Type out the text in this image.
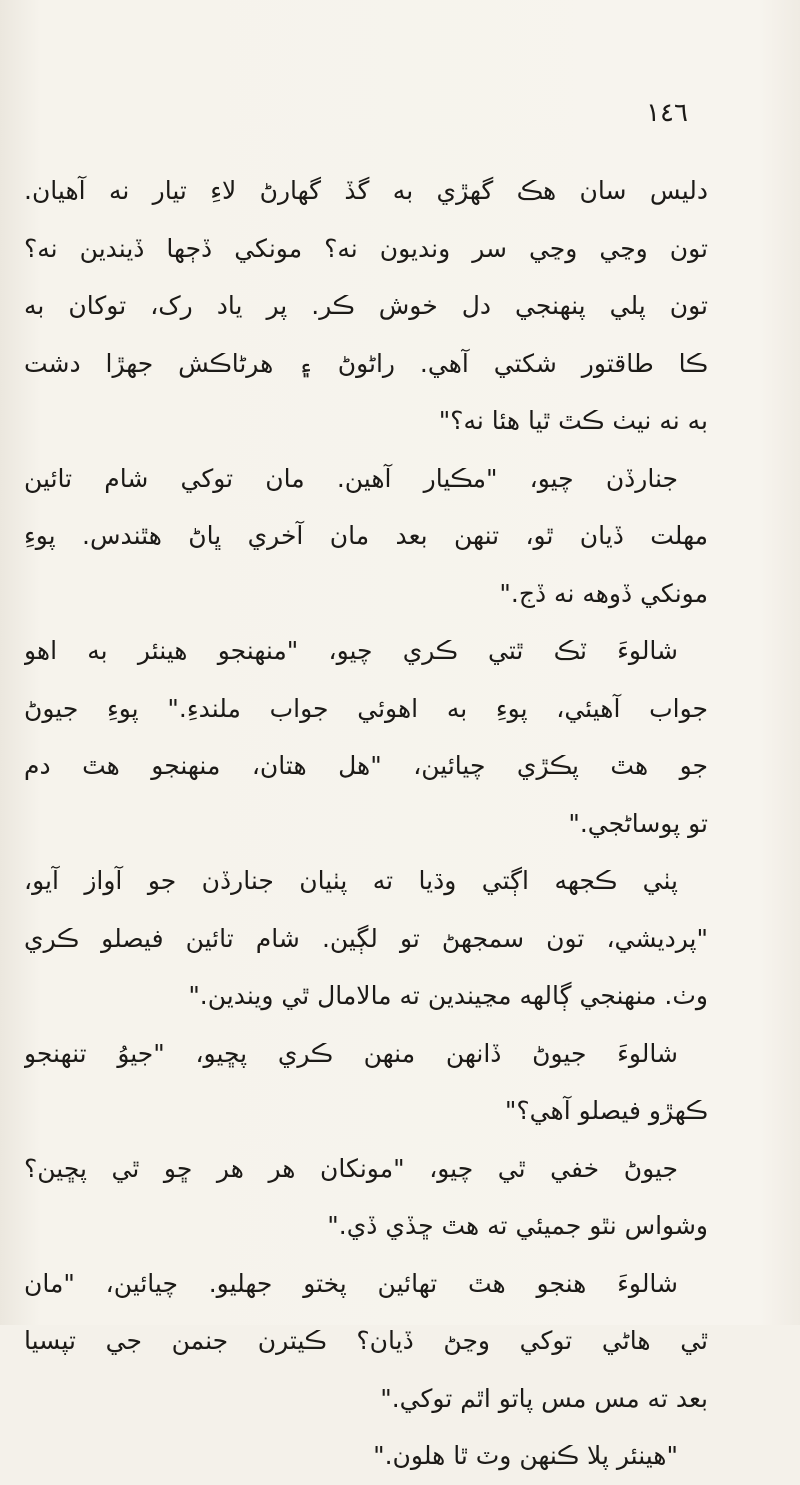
١٤٦
دليس سان هڪ گهڙي به گڏ گهارڻ لاءِ تيار نه آهيان.
تون وڃي وڃي سر ونديون نه؟ مونکي ڏڄها ڏيندين نه؟
تون پلي پنهنجي دل خوش ڪر. پر ياد رک، توکان به
ڪا طاقتور شکتي آهي. راڻوڻ ۽ هرڻاڪش جهڙا دشت
به نه نيٺ ڪٿ ٿيا هئا نه؟"
جنارڏن چيو، "مڪيار آهين. مان توکي شام تائين
مهلت ڏيان ٿو، تنهن بعد مان آخري ڀاڻ هٿندس. پوءِ
مونکي ڏوهه نه ڏج."
شالوءَ ٽڪ ٿتي ڪري چيو، "منهنجو هينئر به اهو
جواب آهيئي، پوءِ به اهوئي جواب ملندءِ." پوءِ جيوڻ
جو هٿ پڪڙي چيائين، "هل هتان، منهنجو هٿ دم
تو پوساڻجي."
پٺي ڪجهه اڳتي وڌيا ته پٺيان جنارڏن جو آواز آيو،
"پرديشي، تون سمجهڻ تو لڳين. شام تائين فيصلو ڪري
وٺ. منهنجي ڳالهه مڃيندين ته مالامال ٿي ويندين."
شالوءَ جيوڻ ڏانهن منهن ڪري پڇيو، "جيوُ تنهنجو
ڪهڙو فيصلو آهي؟"
جيوڻ خفي ٿي چيو، "مونکان هر هر ڇو ٿي پڇين؟
وشواس نٿو جميئي ته هٿ ڇڏي ڏي."
شالوءَ هنجو هٿ تهائين پختو جهليو. چيائين، "مان
ٿي هاڻي توکي وڃڻ ڏيان؟ ڪيترن جنمن جي تپسيا
بعد ته مس مس پاتو اٿم توکي."
"هينئر پلا ڪنهن وٽ ٿا هلون."
